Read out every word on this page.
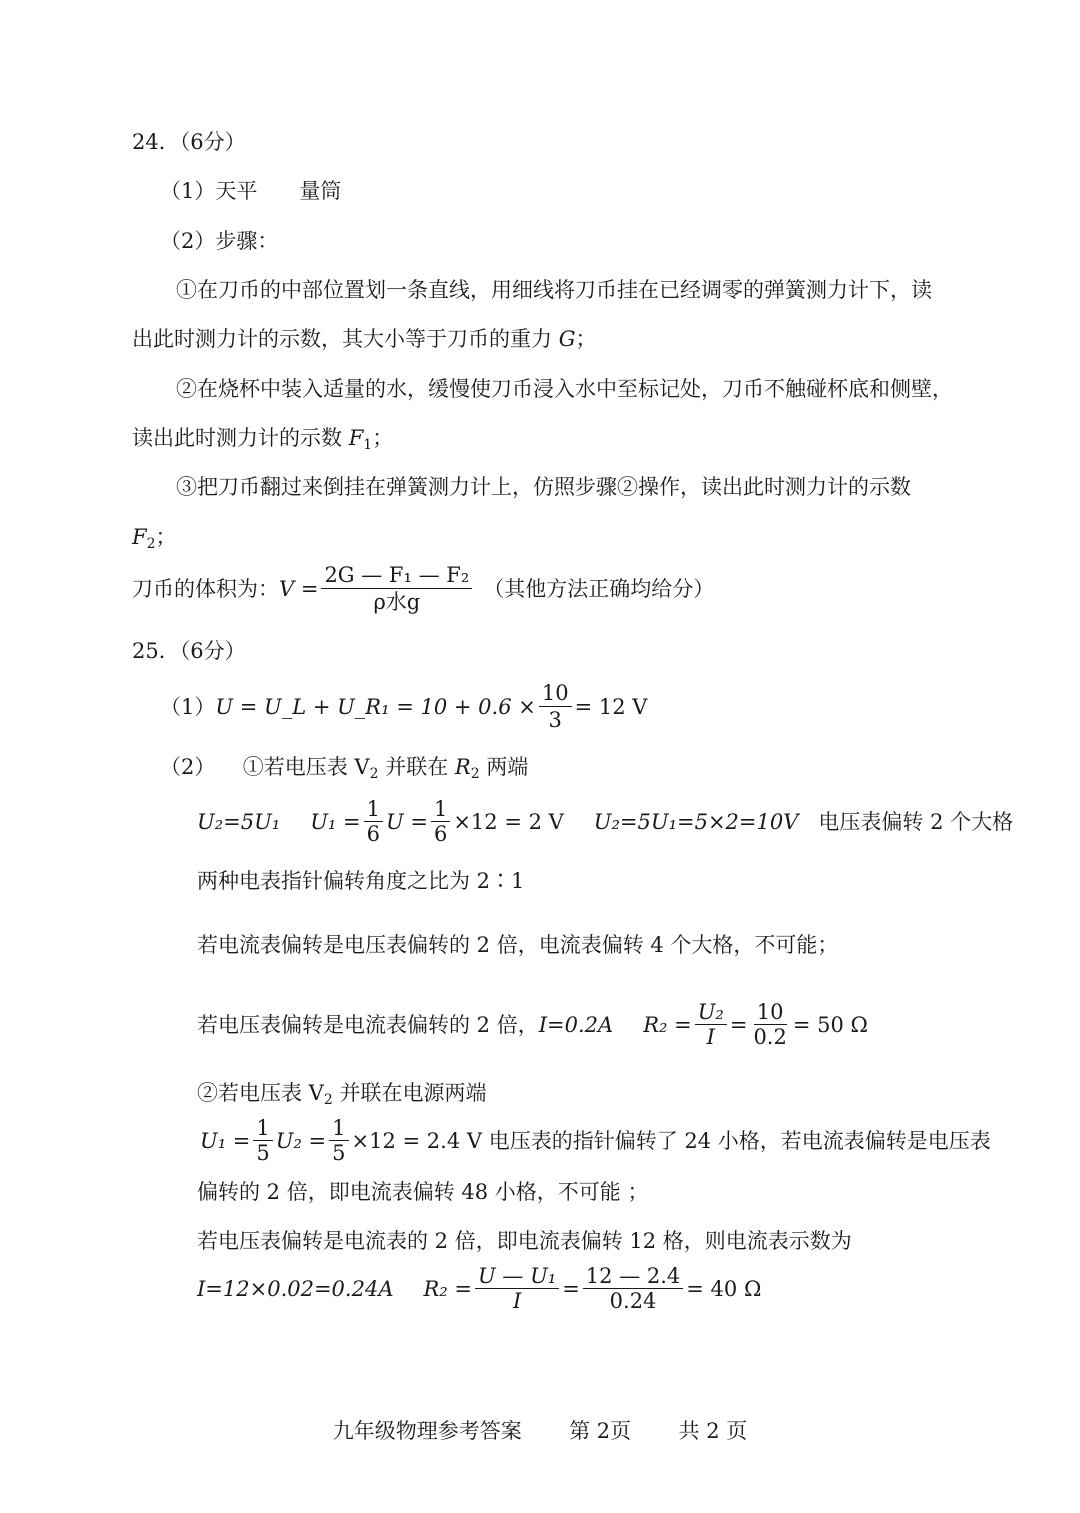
24．（6分）
（1）天平　　量筒
（2）步骤：
①在刀币的中部位置划一条直线，用细线将刀币挂在已经调零的弹簧测力计下，读
出此时测力计的示数，其大小等于刀币的重力 G；
②在烧杯中装入适量的水，缓慢使刀币浸入水中至标记处，刀币不触碰杯底和侧壁，
读出此时测力计的示数 $F_1$；
③把刀币翻过来倒挂在弹簧测力计上，仿照步骤②操作，读出此时测力计的示数
$F_2$；
刀币的体积为： $V = \frac{\text{2G — F₁ — F₂}}{\text{ρ水g}}$ （其他方法正确均给分）
25．（6分）
（1） U = U_L + U_R₁ = $10 + 0.6 \times \frac{10}{3} = 12$ V
（2） ①若电压表 $V_2$ 并联在 $R_2$ 两端
U₂=5U₁ $U_1 = \frac{1}{6}$ $U = \frac{1}{6} \times 12 = 2$ V U₂=5U₁=5×2=10V 电压表偏转 2 个大格
两种电表指针偏转角度之比为 2∶1
若电流表偏转是电压表偏转的 2 倍，电流表偏转 4 个大格，不可能；
若电压表偏转是电流表偏转的 2 倍， I=0.2A $R_2 = \frac{\text{U₂}}{I} = \frac{10}{0.2} = 50$ Ω
②若电压表 $V_2$ 并联在电源两端
$U_1 = \frac{1}{5} U_2 = \frac{1}{5} \times 12 = 2.4$ V 电压表的指针偏转了 24 小格，若电流表偏转是电压表
偏转的 2 倍，即电流表偏转 48 小格，不可能 ；
若电压表偏转是电流表的 2 倍，即电流表偏转 12 格，则电流表示数为
I=12×0.02=0.24A $R_2 = \frac{\text{U — U₁}}{I} = \frac{12 — 2.4}{0.24} = 40$ Ω
九年级物理参考答案 第 2页 共 2 页
